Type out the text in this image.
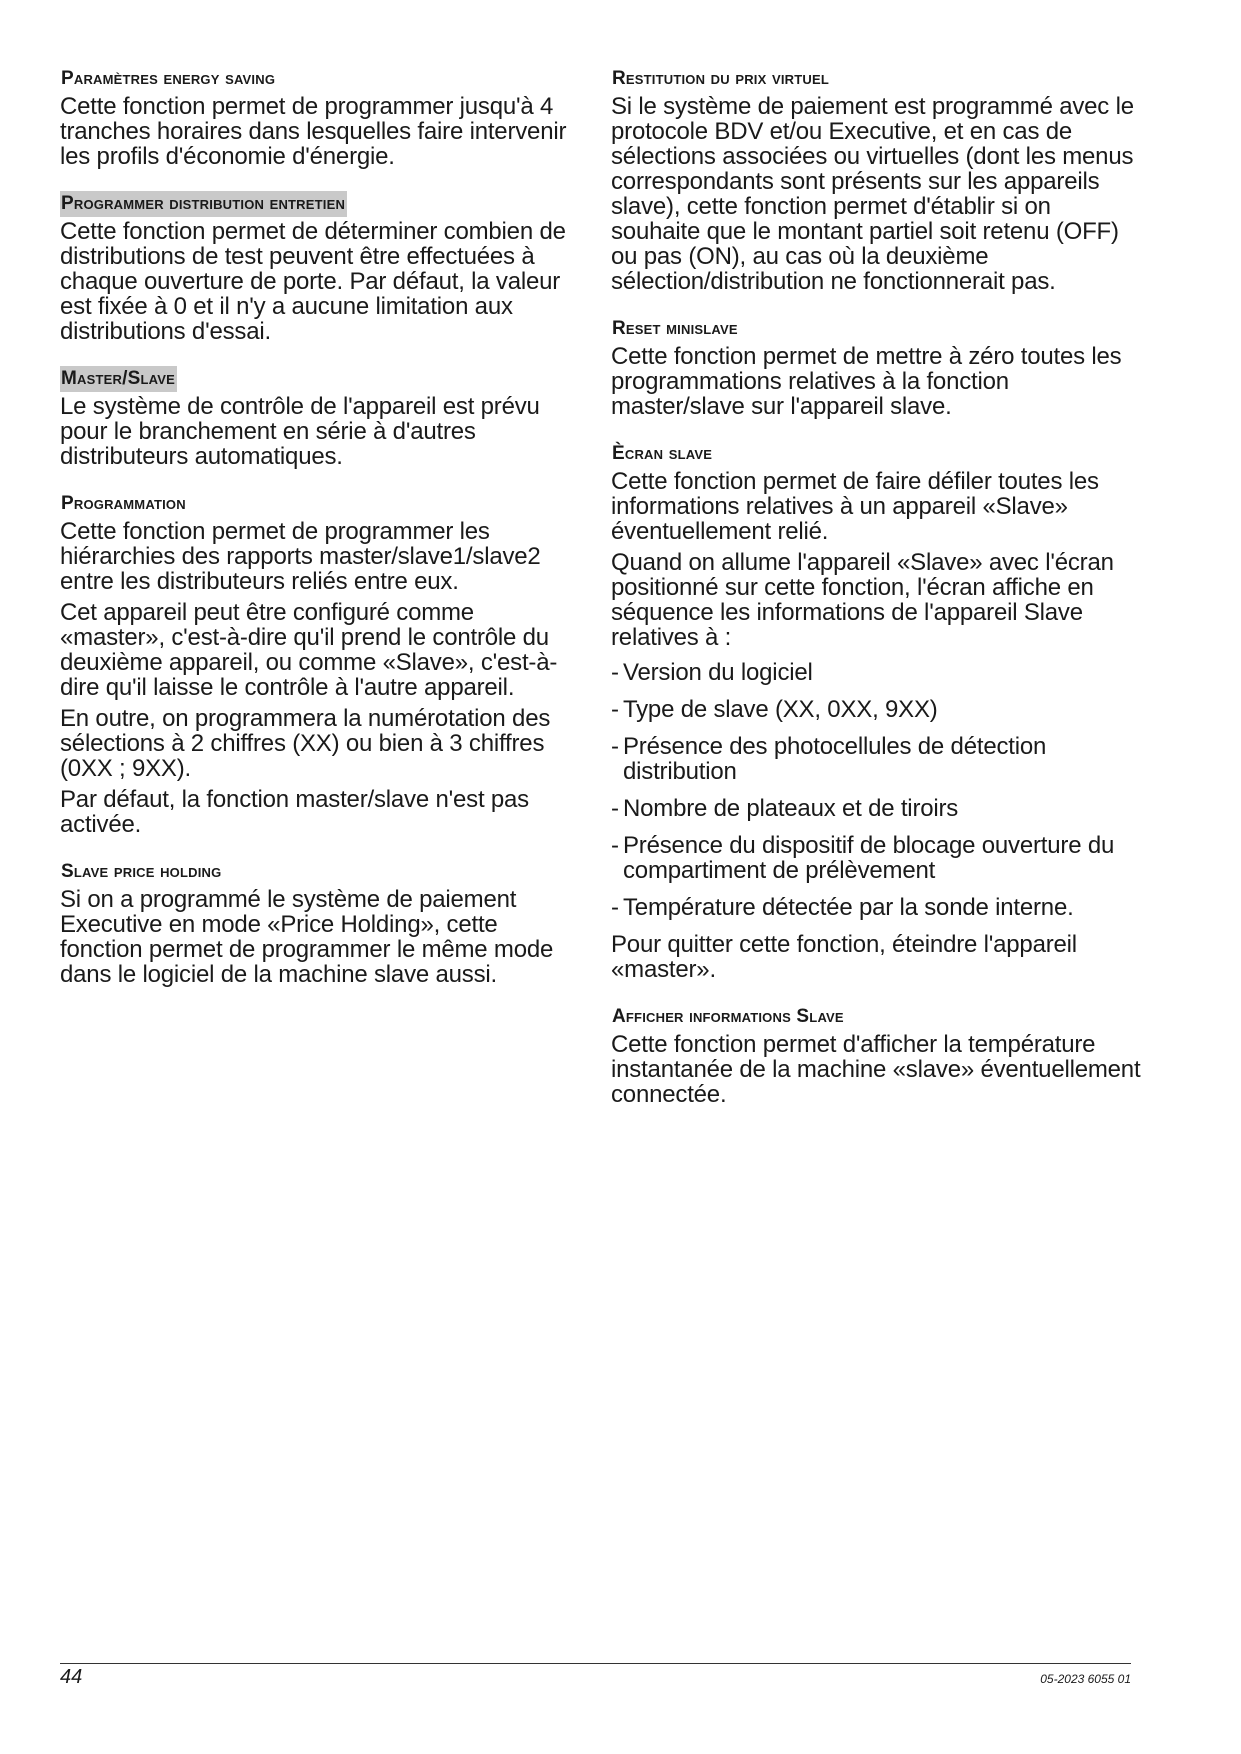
Paramètres energy saving

Cette fonction permet de programmer jusqu'à 4 tranches horaires dans lesquelles faire intervenir les profils d'économie d'énergie.

Programmer distribution entretien

Cette fonction permet de déterminer combien de distributions de test peuvent être effectuées à chaque ouverture de porte. Par défaut, la valeur est fixée à 0 et il n'y a aucune limitation aux distributions d'essai.

Master/Slave

Le système de contrôle de l'appareil est prévu pour le branchement en série à d'autres distributeurs automatiques.

Programmation

Cette fonction permet de programmer les hiérarchies des rapports master/slave1/slave2 entre les distributeurs reliés entre eux.

Cet appareil peut être configuré comme «master», c'est-à-dire qu'il prend le contrôle du deuxième appareil, ou comme «Slave», c'est-à-dire qu'il laisse le contrôle à l'autre appareil.

En outre, on programmera la numérotation des sélections à 2 chiffres (XX) ou bien à 3 chiffres (0XX ; 9XX).

Par défaut, la fonction master/slave n'est pas activée.

Slave price holding

Si on a programmé le système de paiement Executive en mode «Price Holding», cette fonction permet de programmer le même mode dans le logiciel de la machine slave aussi.

Restitution du prix virtuel

Si le système de paiement est programmé avec le protocole BDV et/ou Executive, et en cas de sélections associées ou virtuelles (dont les menus correspondants sont présents sur les appareils slave), cette fonction permet d'établir si on souhaite que le montant partiel soit retenu (OFF) ou pas (ON), au cas où la deuxième sélection/distribution ne fonctionnerait pas.

Reset minislave

Cette fonction permet de mettre à zéro toutes les programmations relatives à la fonction master/slave sur l'appareil slave.

Ècran slave

Cette fonction permet de faire défiler toutes les informations relatives à un appareil «Slave» éventuellement relié.

Quand on allume l'appareil «Slave» avec l'écran positionné sur cette fonction, l'écran affiche en séquence les informations de l'appareil Slave relatives à :

- Version du logiciel
- Type de slave (XX, 0XX, 9XX)
- Présence des photocellules de détection distribution
- Nombre de plateaux et de tiroirs
- Présence du dispositif de blocage ouverture du compartiment de prélèvement
- Température détectée par la sonde interne.

Pour quitter cette fonction, éteindre l'appareil «master».

Afficher informations Slave

Cette fonction permet d'afficher la température instantanée de la machine «slave» éventuellement connectée.

44	05-2023 6055 01
